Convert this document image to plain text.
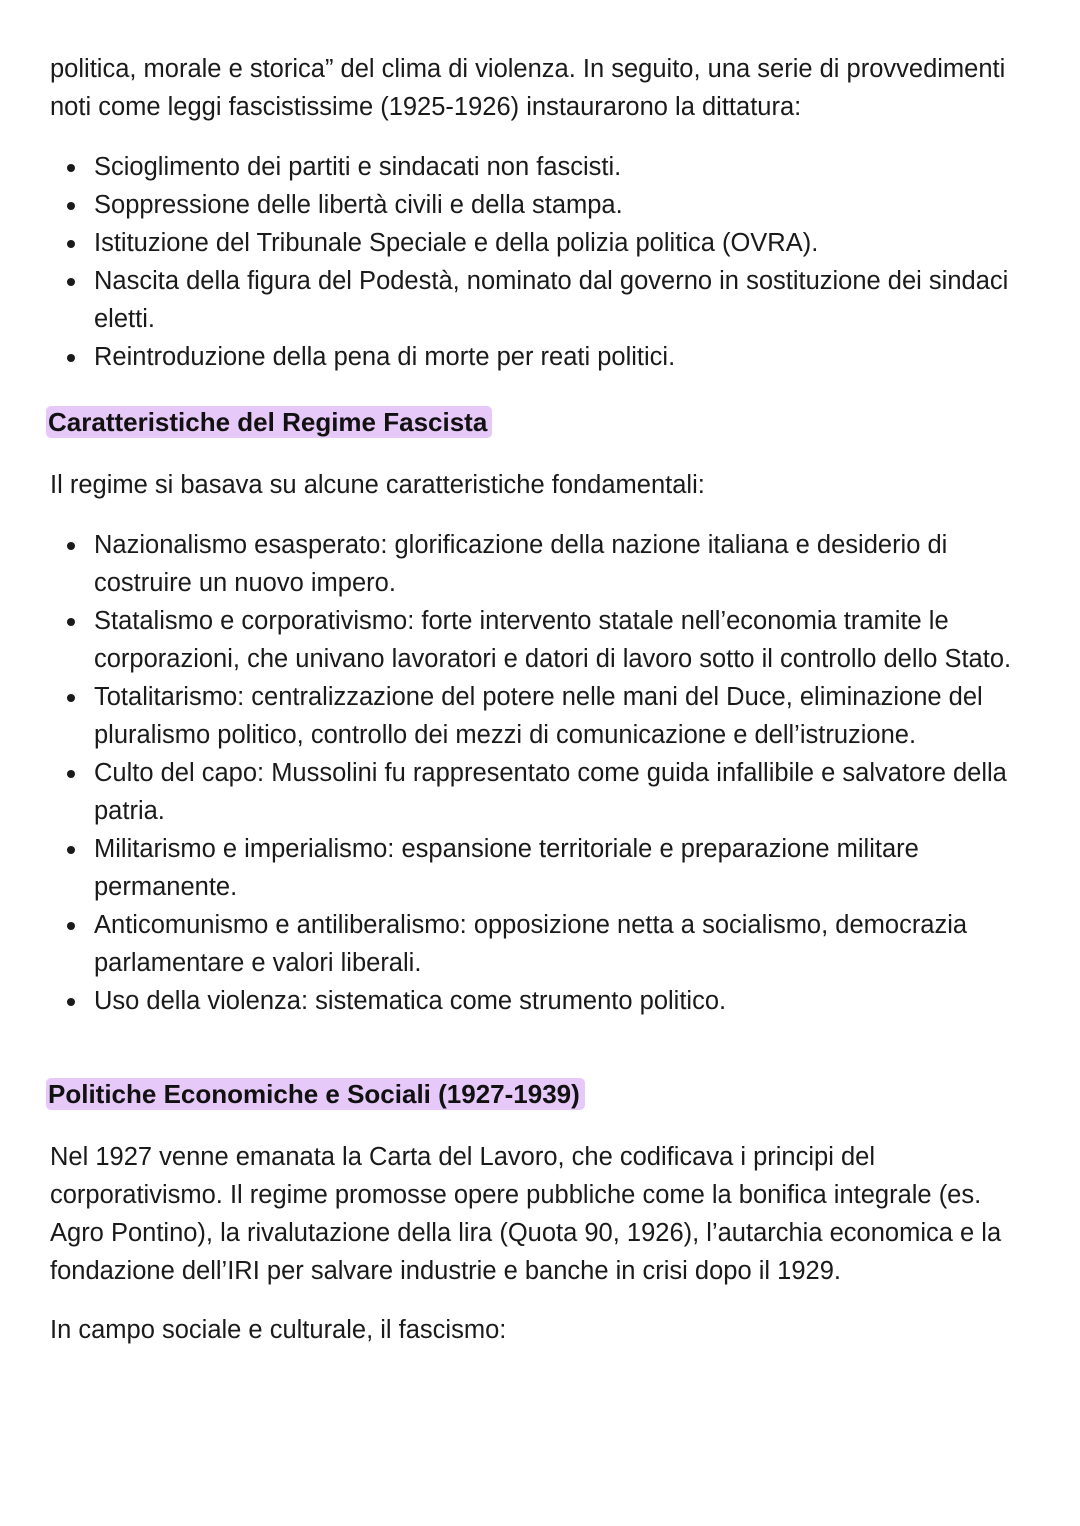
politica, morale e storica” del clima di violenza. In seguito, una serie di provvedimenti noti come leggi fascistissime (1925-1926) instaurarono la dittatura:

Scioglimento dei partiti e sindacati non fascisti.
Soppressione delle libertà civili e della stampa.
Istituzione del Tribunale Speciale e della polizia politica (OVRA).
Nascita della figura del Podestà, nominato dal governo in sostituzione dei sindaci eletti.
Reintroduzione della pena di morte per reati politici.
Caratteristiche del Regime Fascista

Il regime si basava su alcune caratteristiche fondamentali:

Nazionalismo esasperato: glorificazione della nazione italiana e desiderio di costruire un nuovo impero.
Statalismo e corporativismo: forte intervento statale nell’economia tramite le corporazioni, che univano lavoratori e datori di lavoro sotto il controllo dello Stato.
Totalitarismo: centralizzazione del potere nelle mani del Duce, eliminazione del pluralismo politico, controllo dei mezzi di comunicazione e dell’istruzione.
Culto del capo: Mussolini fu rappresentato come guida infallibile e salvatore della patria.
Militarismo e imperialismo: espansione territoriale e preparazione militare permanente.
Anticomunismo e antiliberalismo: opposizione netta a socialismo, democrazia parlamentare e valori liberali.
Uso della violenza: sistematica come strumento politico.
Politiche Economiche e Sociali (1927-1939)

Nel 1927 venne emanata la Carta del Lavoro, che codificava i principi del corporativismo. Il regime promosse opere pubbliche come la bonifica integrale (es. Agro Pontino), la rivalutazione della lira (Quota 90, 1926), l’autarchia economica e la fondazione dell’IRI per salvare industrie e banche in crisi dopo il 1929.

In campo sociale e culturale, il fascismo:
